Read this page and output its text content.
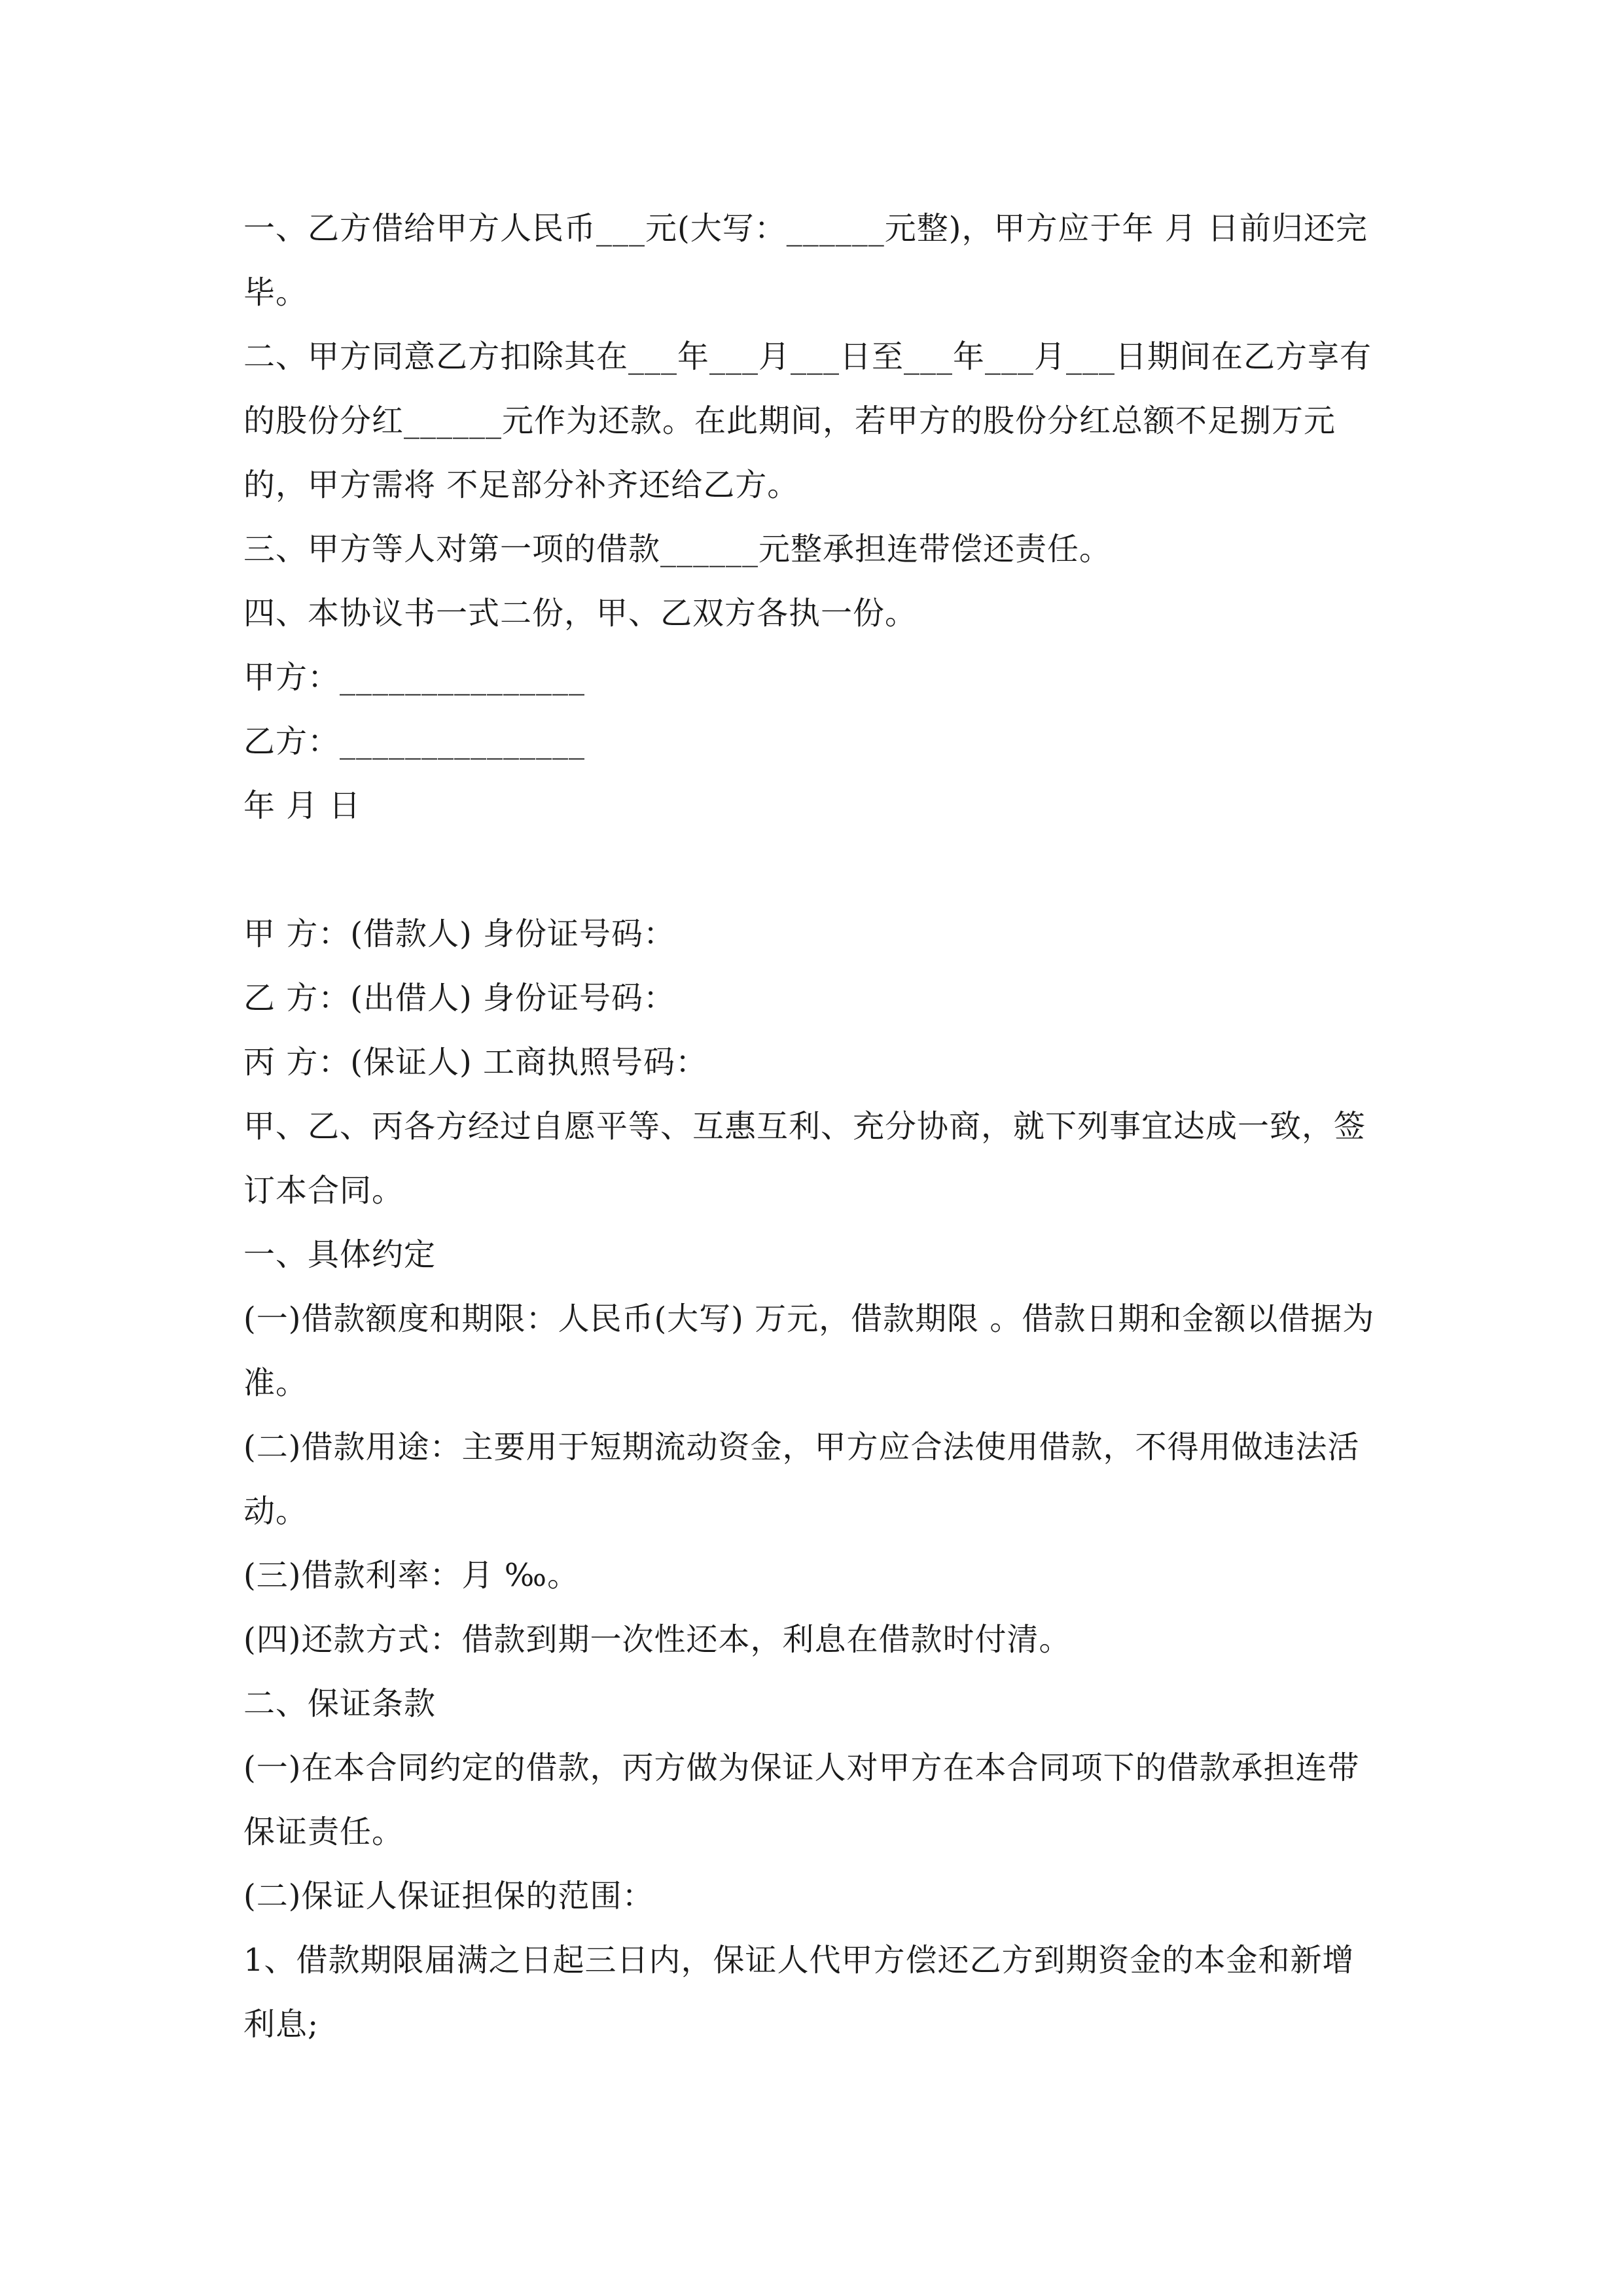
一、乙方借给甲方人民币___元(大写：______元整)，甲方应于年 月 日前归还完毕。

二、甲方同意乙方扣除其在___年___月___日至___年___月___日期间在乙方享有的股份分红______元作为还款。在此期间，若甲方的股份分红总额不足捌万元的，甲方需将 不足部分补齐还给乙方。

三、甲方等人对第一项的借款______元整承担连带偿还责任。

四、本协议书一式二份，甲、乙双方各执一份。

甲方：_______________

乙方：_______________

年 月 日

甲 方：(借款人) 身份证号码：

乙 方：(出借人) 身份证号码：

丙 方：(保证人) 工商执照号码：

甲、乙、丙各方经过自愿平等、互惠互利、充分协商，就下列事宜达成一致，签订本合同。

一、具体约定

(一)借款额度和期限：人民币(大写) 万元，借款期限 。借款日期和金额以借据为准。

(二)借款用途：主要用于短期流动资金，甲方应合法使用借款，不得用做违法活动。

(三)借款利率：月 ‰。

(四)还款方式：借款到期一次性还本，利息在借款时付清。

二、保证条款

(一)在本合同约定的借款，丙方做为保证人对甲方在本合同项下的借款承担连带保证责任。

(二)保证人保证担保的范围：

1、借款期限届满之日起三日内，保证人代甲方偿还乙方到期资金的本金和新增利息;
